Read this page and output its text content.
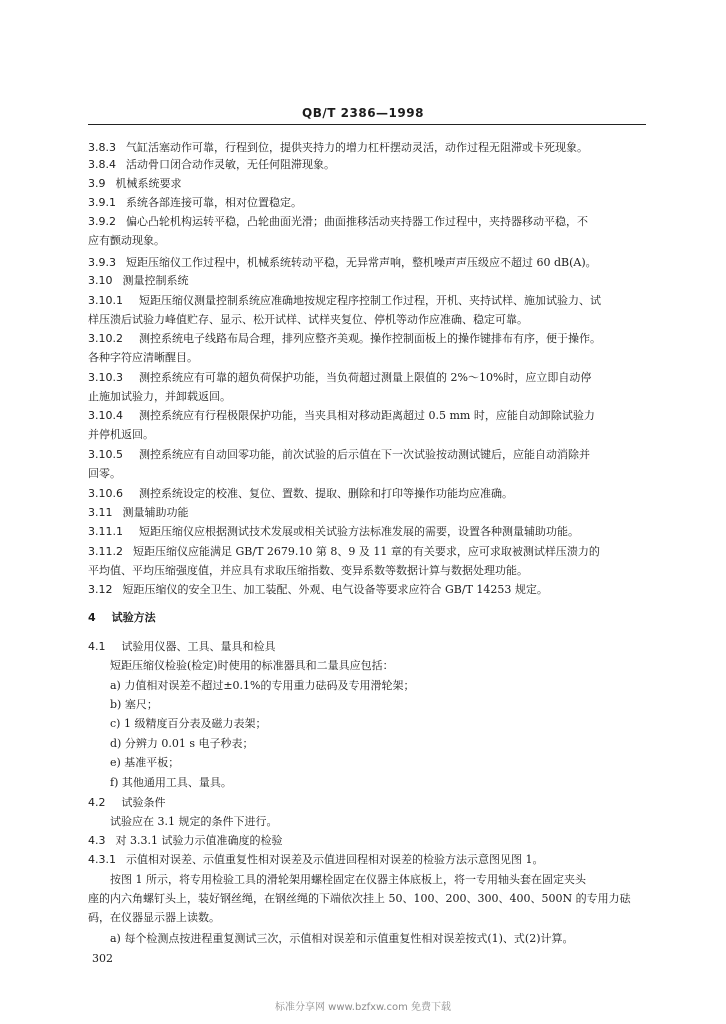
QB/T 2386—1998
3.8.3 气缸活塞动作可靠，行程到位，提供夹持力的增力杠杆摆动灵活，动作过程无阻滞或卡死现象。
3.8.4 活动骨口闭合动作灵敏，无任何阻滞现象。
3.9 机械系统要求
3.9.1 系统各部连接可靠，相对位置稳定。
3.9.2 偏心凸轮机构运转平稳，凸轮曲面光滑；曲面推移活动夹持器工作过程中，夹持器移动平稳，不
应有颤动现象。
3.9.3 短距压缩仪工作过程中，机械系统转动平稳，无异常声响，整机噪声声压级应不超过 60 dB(A)。
3.10 测量控制系统
3.10.1 短距压缩仪测量控制系统应准确地按规定程序控制工作过程，开机、夹持试样、施加试验力、试
样压溃后试验力峰值贮存、显示、松开试样、试样夹复位、停机等动作应准确、稳定可靠。
3.10.2 测控系统电子线路布局合理，排列应整齐美观。操作控制面板上的操作键排布有序，便于操作。
各种字符应清晰醒目。
3.10.3 测控系统应有可靠的超负荷保护功能，当负荷超过测量上限值的 2%～10%时，应立即自动停
止施加试验力，并卸载返回。
3.10.4 测控系统应有行程极限保护功能，当夹具相对移动距离超过 0.5 mm 时，应能自动卸除试验力
并停机返回。
3.10.5 测控系统应有自动回零功能，前次试验的后示值在下一次试验按动测试键后，应能自动消除并
回零。
3.10.6 测控系统设定的校准、复位、置数、提取、删除和打印等操作功能均应准确。
3.11 测量辅助功能
3.11.1 短距压缩仪应根据测试技术发展或相关试验方法标准发展的需要，设置各种测量辅助功能。
3.11.2 短距压缩仪应能满足 GB/T 2679.10 第 8、9 及 11 章的有关要求，应可求取被测试样压溃力的
平均值、平均压缩强度值，并应具有求取压缩指数、变异系数等数据计算与数据处理功能。
3.12 短距压缩仪的安全卫生、加工装配、外观、电气设备等要求应符合 GB/T 14253 规定。
4 试验方法
4.1 试验用仪器、工具、量具和检具
短距压缩仪检验(检定)时使用的标准器具和二量具应包括：
a) 力值相对误差不超过±0.1%的专用重力砝码及专用滑轮架；
b) 塞尺；
c) 1 级精度百分表及磁力表架；
d) 分辨力 0.01 s 电子秒表；
e) 基准平板；
f) 其他通用工具、量具。
4.2 试验条件
试验应在 3.1 规定的条件下进行。
4.3 对 3.3.1 试验力示值准确度的检验
4.3.1 示值相对误差、示值重复性相对误差及示值进回程相对误差的检验方法示意图见图 1。
按图 1 所示，将专用检验工具的滑轮架用螺栓固定在仪器主体底板上，将一专用轴头套在固定夹头
座的内六角螺钉头上，装好钢丝绳，在钢丝绳的下端依次挂上 50、100、200、300、400、500N 的专用力砝
码，在仪器显示器上读数。
a) 每个检测点按进程重复测试三次，示值相对误差和示值重复性相对误差按式(1)、式(2)计算。
302
标准分享网 www.bzfxw.com 免费下载
